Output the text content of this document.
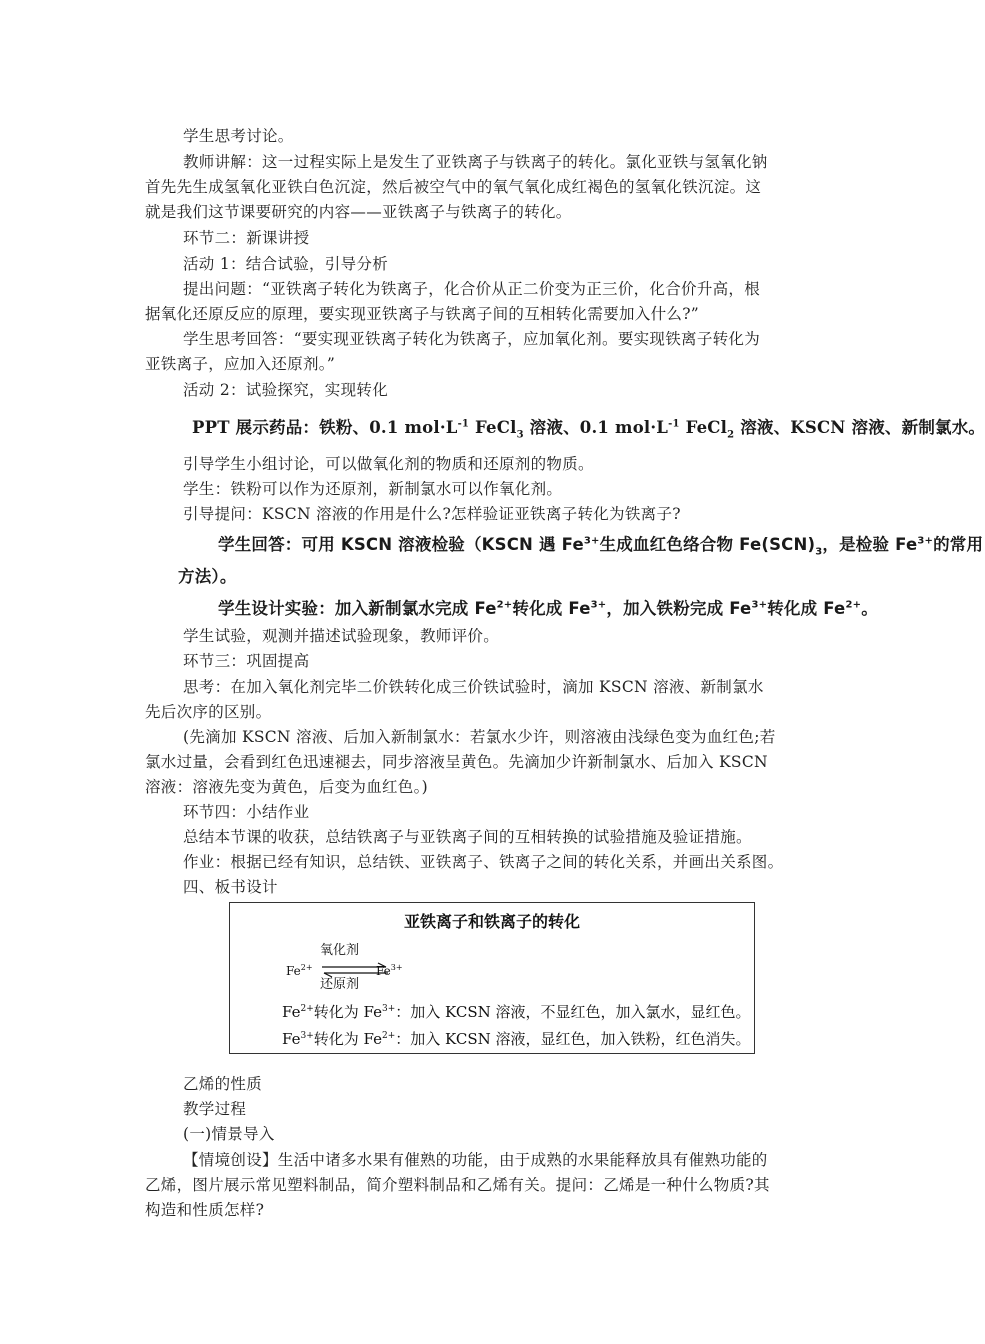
学生思考讨论。
教师讲解：这一过程实际上是发生了亚铁离子与铁离子的转化。氯化亚铁与氢氧化钠
首先先生成氢氧化亚铁白色沉淀，然后被空气中的氧气氧化成红褐色的氢氧化铁沉淀。这
就是我们这节课要研究的内容——亚铁离子与铁离子的转化。
环节二：新课讲授
活动 1：结合试验，引导分析
提出问题：“亚铁离子转化为铁离子，化合价从正二价变为正三价，化合价升高，根
据氧化还原反应的原理，要实现亚铁离子与铁离子间的互相转化需要加入什么?”
学生思考回答：“要实现亚铁离子转化为铁离子，应加氧化剂。要实现铁离子转化为
亚铁离子，应加入还原剂。”
活动 2：试验探究，实现转化
PPT 展示药品：铁粉、0.1 $mol\cdot L^{-1}$ FeCl$_3$ 溶液、0.1 $mol\cdot L^{-1}$ FeCl$_2$ 溶液、KSCN 溶液、新制氯水。
引导学生小组讨论，可以做氧化剂的物质和还原剂的物质。
学生：铁粉可以作为还原剂，新制氯水可以作氧化剂。
引导提问：KSCN 溶液的作用是什么?怎样验证亚铁离子转化为铁离子?
学生回答：可用 KSCN 溶液检验（KSCN 遇 $Fe^{3+}$生成血红色络合物 $Fe(SCN)_3$，是检验 $Fe^{3+}$的常用
方法）。
学生设计实验：加入新制氯水完成 $Fe^{2+}$转化成 $Fe^{3+}$，加入铁粉完成 $Fe^{3+}$转化成 $Fe^{2+}$。
学生试验，观测并描述试验现象，教师评价。
环节三：巩固提高
思考：在加入氧化剂完毕二价铁转化成三价铁试验时，滴加 KSCN 溶液、新制氯水
先后次序的区别。
(先滴加 KSCN 溶液、后加入新制氯水：若氯水少许，则溶液由浅绿色变为血红色;若
氯水过量，会看到红色迅速褪去，同步溶液呈黄色。先滴加少许新制氯水、后加入 KSCN
溶液：溶液先变为黄色，后变为血红色。)
环节四：小结作业
总结本节课的收获，总结铁离子与亚铁离子间的互相转换的试验措施及验证措施。
作业：根据已经有知识，总结铁、亚铁离子、铁离子之间的转化关系，并画出关系图。
四、板书设计
亚铁离子和铁离子的转化
氧化剂
还原剂
$Fe^{2+}$	$Fe^{3+}$
$Fe^{2+}$转化为 $Fe^{3+}$：加入 KCSN 溶液，不显红色，加入氯水，显红色。
$Fe^{3+}$转化为 $Fe^{2+}$：加入 KCSN 溶液，显红色，加入铁粉，红色消失。
乙烯的性质
教学过程
(一)情景导入
【情境创设】生活中诸多水果有催熟的功能，由于成熟的水果能释放具有催熟功能的
乙烯，图片展示常见塑料制品，简介塑料制品和乙烯有关。提问：乙烯是一种什么物质?其
构造和性质怎样?
